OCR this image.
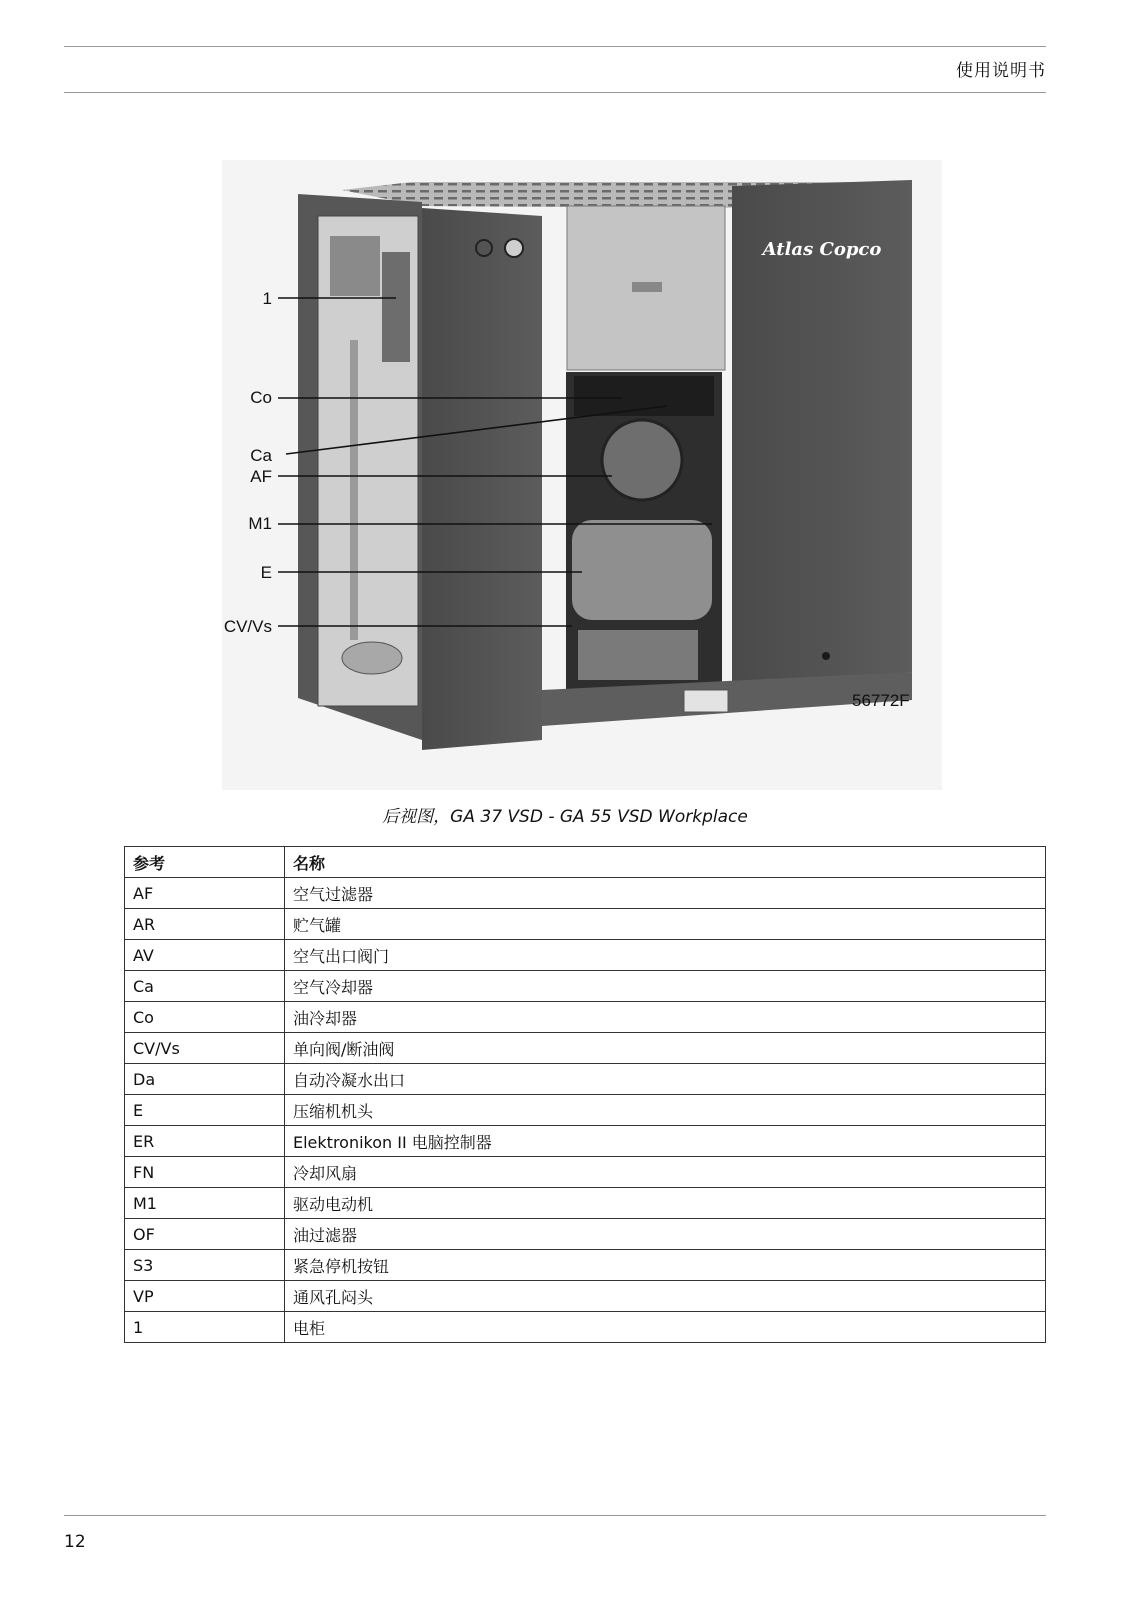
使用说明书
Atlas Copco
1
Co
Ca
AF
M1
E
CV/Vs
56772F
后视图，GA 37 VSD - GA 55 VSD Workplace
参考	名称
AF	空气过滤器
AR	贮气罐
AV	空气出口阀门
Ca	空气冷却器
Co	油冷却器
CV/Vs	单向阀/断油阀
Da	自动冷凝水出口
E	压缩机机头
ER	Elektronikon II 电脑控制器
FN	冷却风扇
M1	驱动电动机
OF	油过滤器
S3	紧急停机按钮
VP	通风孔闷头
1	电柜
12
